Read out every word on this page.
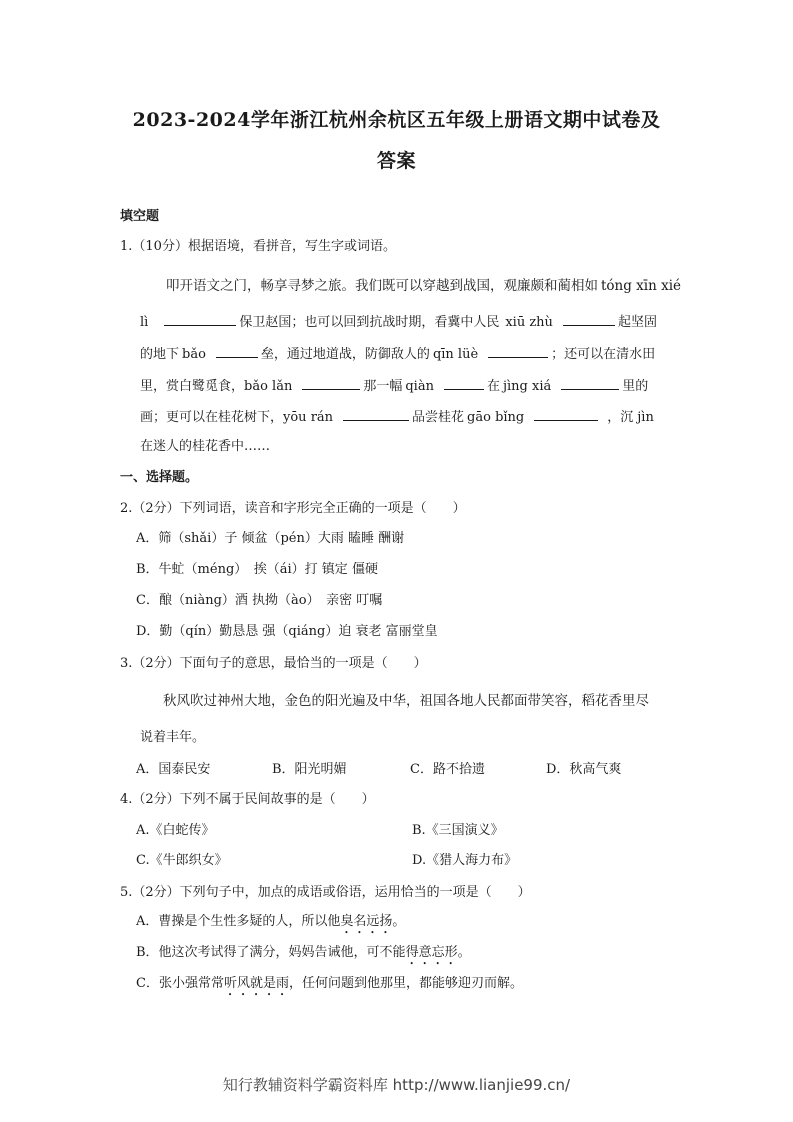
2023-2024学年浙江杭州余杭区五年级上册语文期中试卷及
答案
填空题
1.（10分）根据语境，看拼音，写生字或词语。
叩开语文之门，畅享寻梦之旅。我们既可以穿越到战国，观廉颇和蔺相如 tóng xīn xié
lì	保卫赵国；也可以回到抗战时期，看冀中人民 xiū zhù	起坚固
的地下 bǎo	垒，通过地道战，防御敌人的 qīn lüè	；还可以在清水田
里，赏白鹭觅食，bǎo lǎn	那一幅 qiàn	在 jìng xiá	里的
画；更可以在桂花树下，yōu rán	品尝桂花 gāo bǐng	，沉 jìn
在迷人的桂花香中……
一、选择题。
2.（2分）下列词语，读音和字形完全正确的一项是（　　）
A．筛（shǎi）子 倾盆（pén）大雨 瞌睡 酬谢
B．牛虻（méng）　挨（ái）打 镇定 僵硬
C．酿（niàng）酒 执拗（ào）　亲密 叮嘱
D．勤（qín）勤恳恳 强（qiáng）迫 衰老 富丽堂皇
3.（2分）下面句子的意思，最恰当的一项是（　　）
秋风吹过神州大地，金色的阳光遍及中华，祖国各地人民都面带笑容，稻花香里尽
说着丰年。
A．国泰民安	B．阳光明媚	C．路不拾遗	D．秋高气爽
4.（2分）下列不属于民间故事的是（　　）
A.《白蛇传》	B.《三国演义》
C.《牛郎织女》	D.《猎人海力布》
5.（2分）下列句子中，加点的成语或俗语，运用恰当的一项是（　　）
A．曹操是个生性多疑的人，所以他臭名远扬。
B．他这次考试得了满分，妈妈告诫他，可不能得意忘形。
C．张小强常常听风就是雨，任何问题到他那里，都能够迎刃而解。
知行教辅资料学霸资料库 http://www.lianjie99.cn/
